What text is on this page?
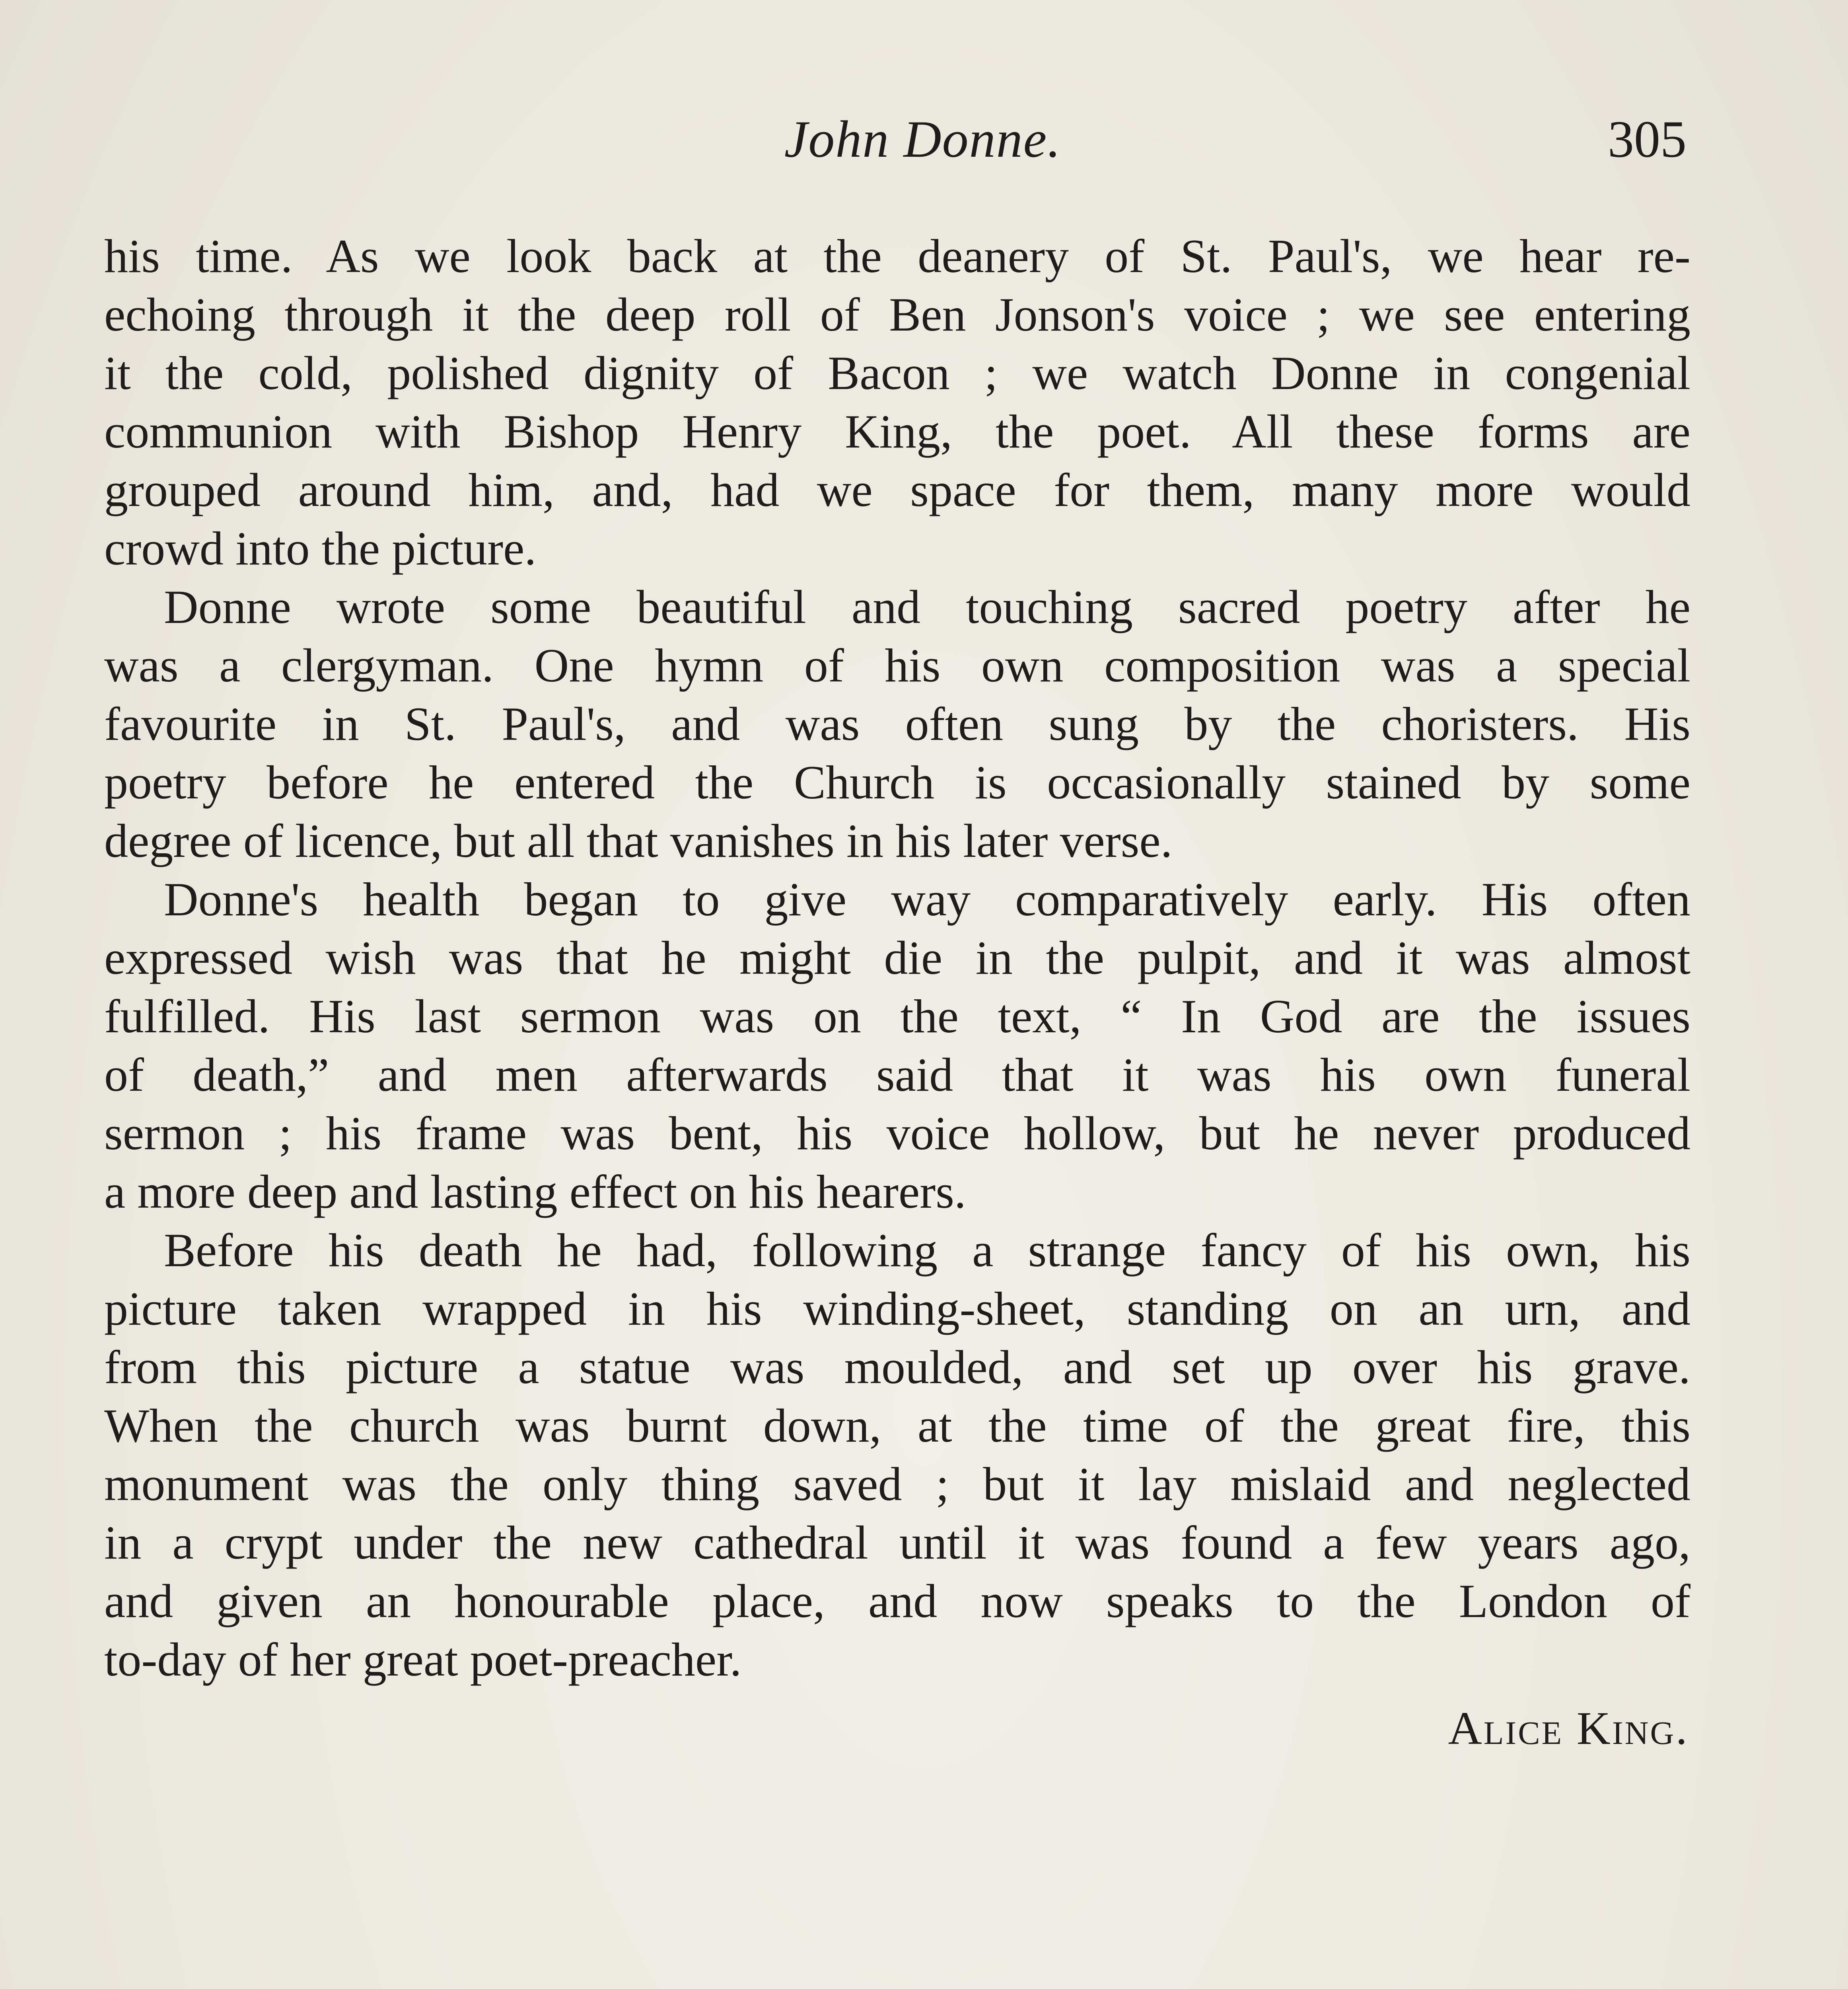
John Donne.	305

his time. As we look back at the deanery of St. Paul's, we hear re-
echoing through it the deep roll of Ben Jonson's voice ; we see entering
it the cold, polished dignity of Bacon ; we watch Donne in congenial
communion with Bishop Henry King, the poet. All these forms are
grouped around him, and, had we space for them, many more would
crowd into the picture.

Donne wrote some beautiful and touching sacred poetry after he
was a clergyman. One hymn of his own composition was a special
favourite in St. Paul's, and was often sung by the choristers. His
poetry before he entered the Church is occasionally stained by some
degree of licence, but all that vanishes in his later verse.

Donne's health began to give way comparatively early. His often
expressed wish was that he might die in the pulpit, and it was almost
fulfilled. His last sermon was on the text, “ In God are the issues
of death,” and men afterwards said that it was his own funeral
sermon ; his frame was bent, his voice hollow, but he never produced
a more deep and lasting effect on his hearers.

Before his death he had, following a strange fancy of his own, his
picture taken wrapped in his winding-sheet, standing on an urn, and
from this picture a statue was moulded, and set up over his grave.
When the church was burnt down, at the time of the great fire, this
monument was the only thing saved ; but it lay mislaid and neglected
in a crypt under the new cathedral until it was found a few years ago,
and given an honourable place, and now speaks to the London of
to-day of her great poet-preacher.

Alice King.
